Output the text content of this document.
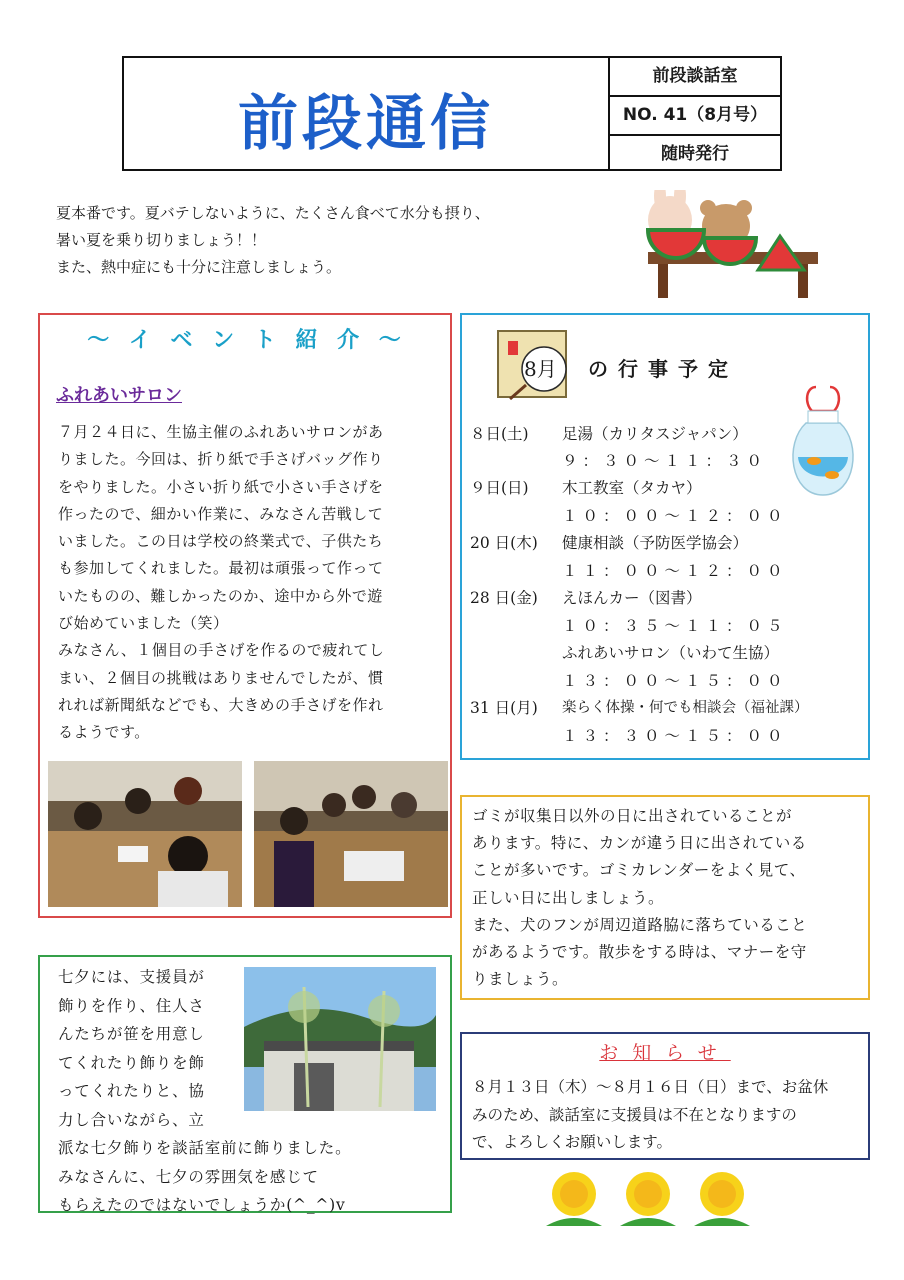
前段通信
前段談話室
NO. 41（8月号）
随時発行
夏本番です。夏バテしないように、たくさん食べて水分も摂り、
暑い夏を乗り切りましょう！！
また、熱中症にも十分に注意しましょう。
～ イ ベ ン ト 紹 介 ～
ふれあいサロン
７月２４日に、生協主催のふれあいサロンがあ
りました。今回は、折り紙で手さげバッグ作り
をやりました。小さい折り紙で小さい手さげを
作ったので、細かい作業に、みなさん苦戦して
いました。この日は学校の終業式で、子供たち
も参加してくれました。最初は頑張って作って
いたものの、難しかったのか、途中から外で遊
び始めていました（笑）
みなさん、１個目の手さげを作るので疲れてし
まい、２個目の挑戦はありませんでしたが、慣
れれば新聞紙などでも、大きめの手さげを作れ
るようです。
8月 の行事予定
８日(土) 足湯（カリタスジャパン）
９：３０～１１：３０
９日(日) 木工教室（タカヤ）
１０：００～１２：００
20 日(木) 健康相談（予防医学協会）
１１：００～１２：００
28 日(金) えほんカー（図書）
１０：３５～１１：０５
ふれあいサロン（いわて生協）
１３：００～１５：００
31 日(月) 楽らく体操・何でも相談会（福祉課）
１３：３０～１５：００
ゴミが収集日以外の日に出されていることが
あります。特に、カンが違う日に出されている
ことが多いです。ゴミカレンダーをよく見て、
正しい日に出しましょう。
また、犬のフンが周辺道路脇に落ちていること
があるようです。散歩をする時は、マナーを守
りましょう。
お知らせ
８月１３日（木）～８月１６日（日）まで、お盆休
みのため、談話室に支援員は不在となりますの
で、よろしくお願いします。
七夕には、支援員が
飾りを作り、住人さ
んたちが笹を用意し
てくれたり飾りを飾
ってくれたりと、協
力し合いながら、立
派な七夕飾りを談話室前に飾りました。
みなさんに、七夕の雰囲気を感じて
もらえたのではないでしょうか(^_^)v
